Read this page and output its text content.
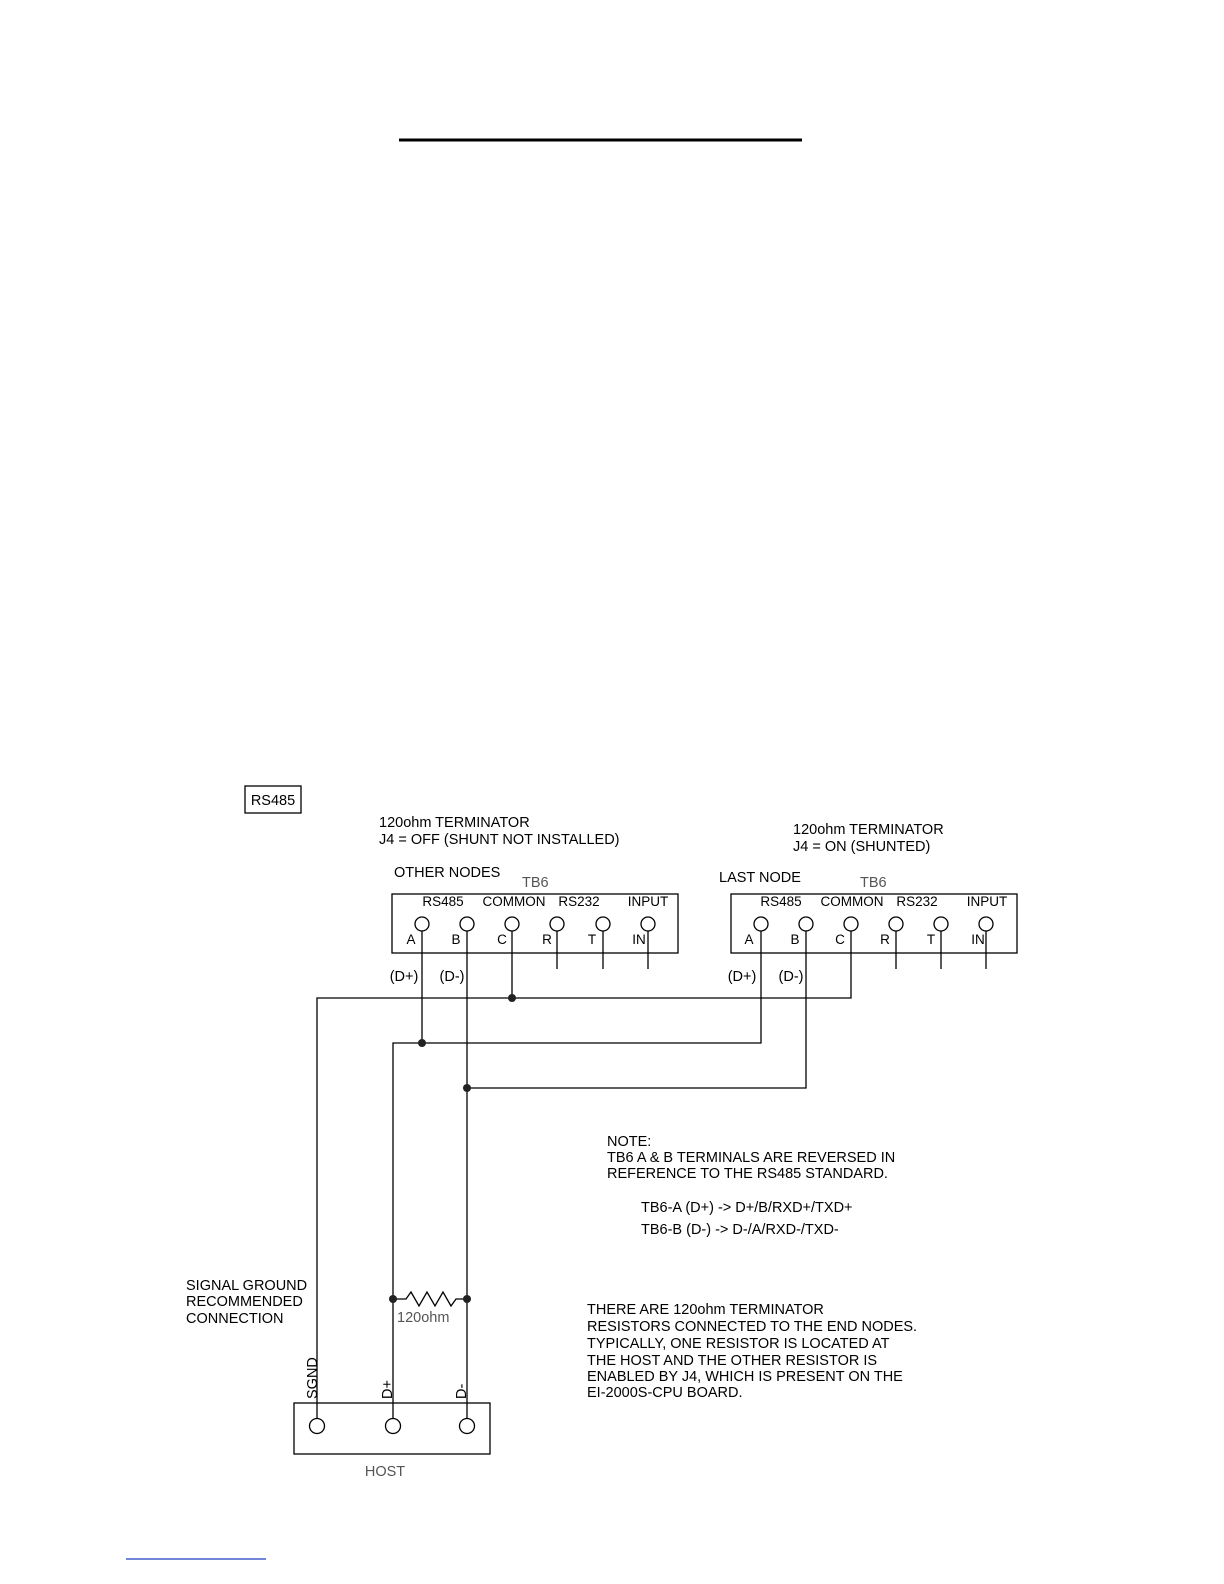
RS485
120ohm TERMINATOR
J4 = OFF (SHUNT NOT INSTALLED)
120ohm TERMINATOR
J4 = ON (SHUNTED)
OTHER NODES
TB6
RS485 COMMON RS232 INPUT
A	B	C	R	T	IN
(D+) (D-)
LAST NODE	TB6
RS485 COMMON RS232 INPUT
A	B	C	R	T	IN
(D+) (D-)
120ohm
NOTE:
TB6 A & B TERMINALS ARE REVERSED IN
REFERENCE TO THE RS485 STANDARD.
TB6-A (D+) -> D+/B/RXD+/TXD+
TB6-B (D-) -> D-/A/RXD-/TXD-
SIGNAL GROUND
RECOMMENDED
CONNECTION
THERE ARE 120ohm TERMINATOR
RESISTORS CONNECTED TO THE END NODES.
TYPICALLY, ONE RESISTOR IS LOCATED AT
THE HOST AND THE OTHER RESISTOR IS
ENABLED BY J4, WHICH IS PRESENT ON THE
EI-2000S-CPU BOARD.
SGND	D+	D-
HOST
